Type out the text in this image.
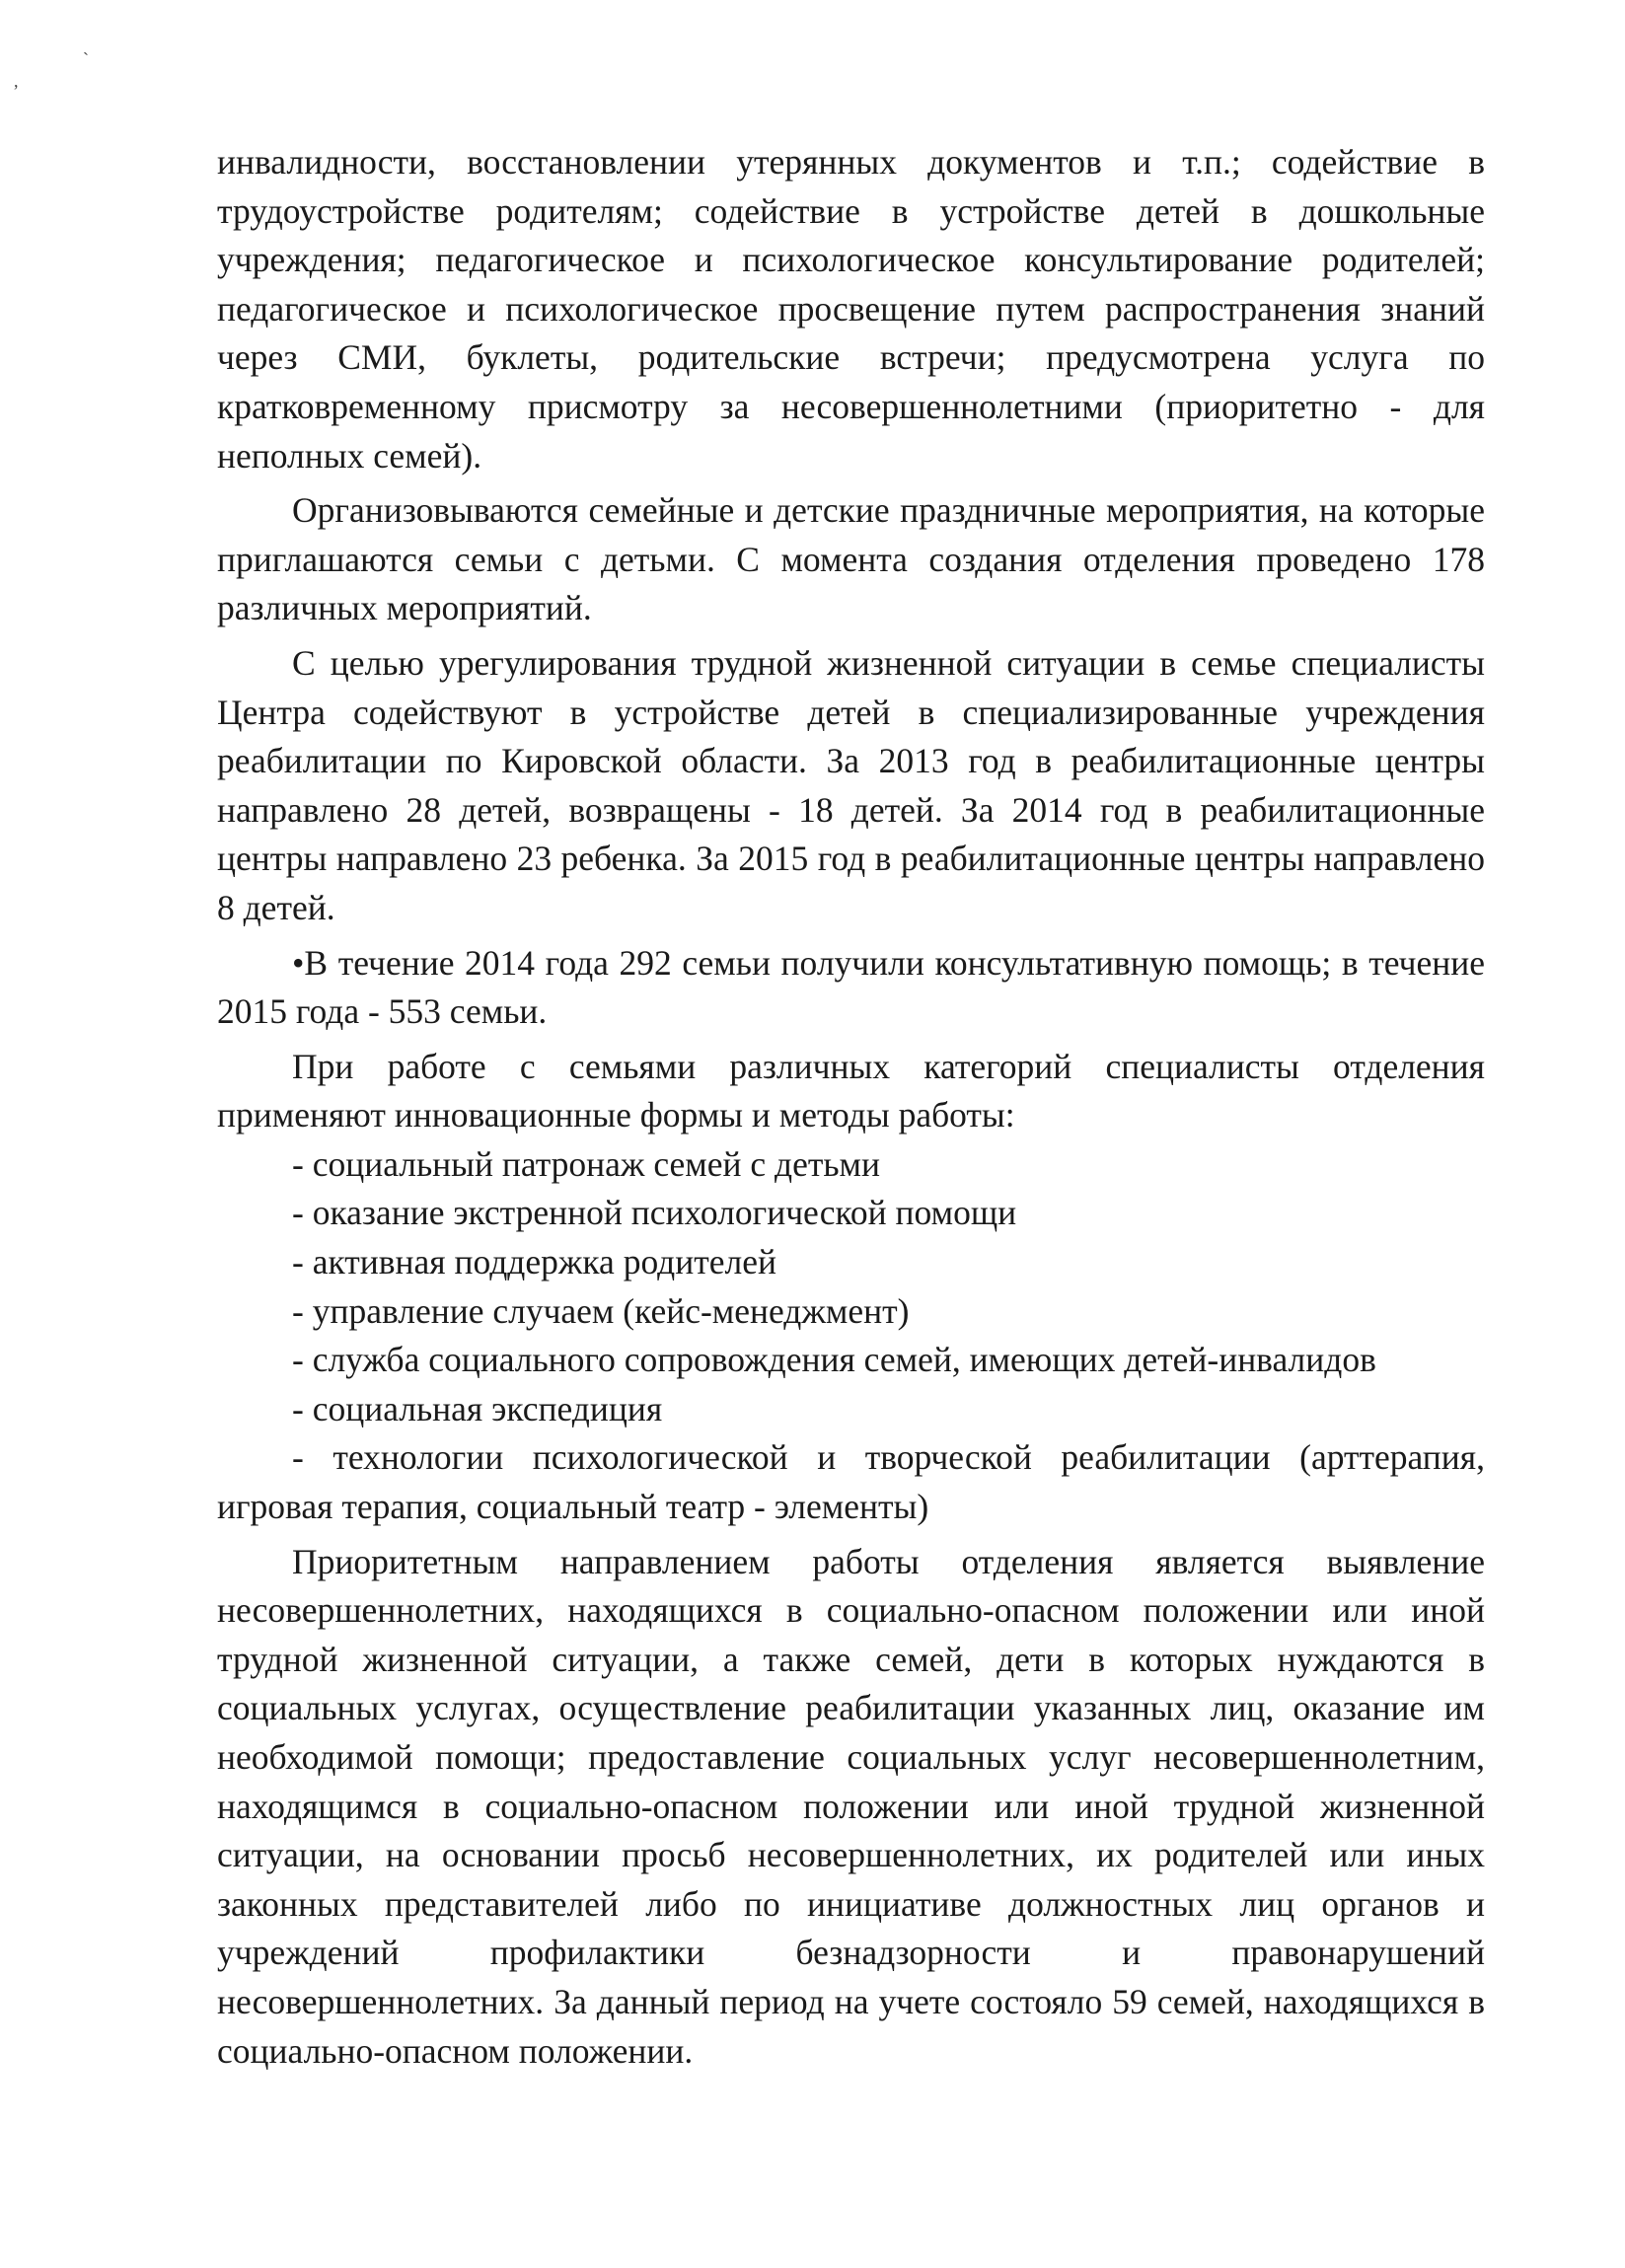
`
,

инвалидности, восстановлении утерянных документов и т.п.; содействие в трудоустройстве родителям; содействие в устройстве детей в дошкольные учреждения; педагогическое и психологическое консультирование родителей; педагогическое и психологическое просвещение путем распространения знаний через СМИ, буклеты, родительские встречи; предусмотрена услуга по кратковременному присмотру за несовершеннолетними (приоритетно - для неполных семей).

Организовываются семейные и детские праздничные мероприятия, на которые приглашаются семьи с детьми. С момента создания отделения проведено 178 различных мероприятий.

С целью урегулирования трудной жизненной ситуации в семье специалисты Центра содействуют в устройстве детей в специализированные учреждения реабилитации по Кировской области. За 2013 год в реабилитационные центры направлено 28 детей, возвращены - 18 детей. За 2014 год в реабилитационные центры направлено 23 ребенка. За 2015 год в реабилитационные центры направлено 8 детей.

•В течение 2014 года 292 семьи получили консультативную помощь; в течение 2015 года - 553 семьи.

При работе с семьями различных категорий специалисты отделения применяют инновационные формы и методы работы:

- социальный патронаж семей с детьми
- оказание экстренной психологической помощи
- активная поддержка родителей
- управление случаем (кейс-менеджмент)
- служба социального сопровождения семей, имеющих детей-инвалидов
- социальная экспедиция
- технологии психологической и творческой реабилитации (арттерапия, игровая терапия, социальный театр - элементы)

Приоритетным направлением работы отделения является выявление несовершеннолетних, находящихся в социально-опасном положении или иной трудной жизненной ситуации, а также семей, дети в которых нуждаются в социальных услугах, осуществление реабилитации указанных лиц, оказание им необходимой помощи; предоставление социальных услуг несовершеннолетним, находящимся в социально-опасном положении или иной трудной жизненной ситуации, на основании просьб несовершеннолетних, их родителей или иных законных представителей либо по инициативе должностных лиц органов и учреждений профилактики безнадзорности и правонарушений несовершеннолетних. За данный период на учете состояло 59 семей, находящихся в социально-опасном положении.
